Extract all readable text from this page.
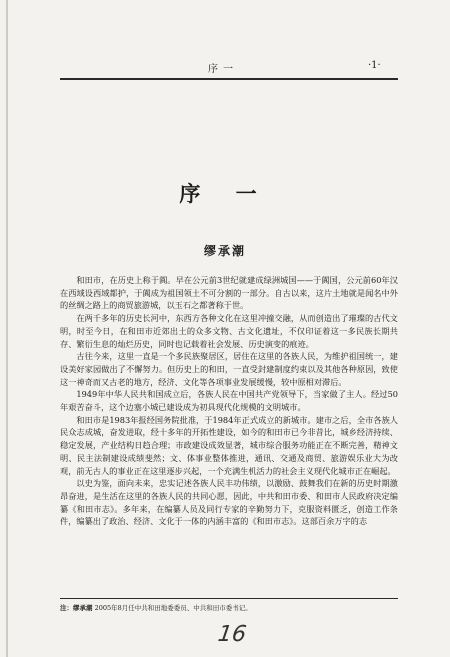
序 一	·1·
序 一
缪承潮

和田市，在历史上称于阗。早在公元前3世纪就建成绿洲城国——于阗国，公元前60年汉在西域设西域都护，于阗成为祖国领土不可分割的一部分。自古以来，这片土地就是闻名中外的丝绸之路上的商贸旅游城，以玉石之都著称于世。

在两千多年的历史长河中，东西方各种文化在这里冲撞交融，从而创造出了璀璨的古代文明，时至今日，在和田市近郊出土的众多文物、古文化遗址，不仅印证着这一多民族长期共存、繁衍生息的灿烂历史，同时也记载着社会发展、历史演变的痕迹。

古往今来，这里一直是一个多民族聚居区，居住在这里的各族人民，为维护祖国统一，建设美好家园做出了不懈努力。但历史上的和田，一直受封建制度约束以及其他各种原因，致使这一神奇而又古老的地方，经济、文化等各项事业发展缓慢，较中原相对滞后。

1949年中华人民共和国成立后，各族人民在中国共产党领导下，当家做了主人。经过50年艰苦奋斗，这个边塞小城已建设成为初具现代化规模的文明城市。

和田市是1983年报经国务院批准，于1984年正式成立的新城市。建市之后，全市各族人民众志成城，奋发进取，经十多年的开拓性建设，如今的和田市已今非昔比，城乡经济持续、稳定发展，产业结构日趋合理；市政建设成效显著，城市综合服务功能正在不断完善，精神文明、民主法制建设成绩斐然；文、体事业整体推进，通讯、交通及商贸、旅游娱乐业大为改观，前无古人的事业正在这里逐步兴起，一个充满生机活力的社会主义现代化城市正在崛起。

以史为鉴，面向未来，忠实记述各族人民丰功伟绩，以激励、鼓舞我们在新的历史时期激昂奋进，是生活在这里的各族人民的共同心愿，因此，中共和田市委、和田市人民政府决定编纂《和田市志》。多年来，在编纂人员及同行专家的辛勤努力下，克服资料匮乏，创造工作条件，编纂出了政治、经济、文化于一体的内涵丰富的《和田市志》。这部百余万字的志

注：缪承潮 2005年8月任中共和田地委委员、中共和田市委书记。
16
